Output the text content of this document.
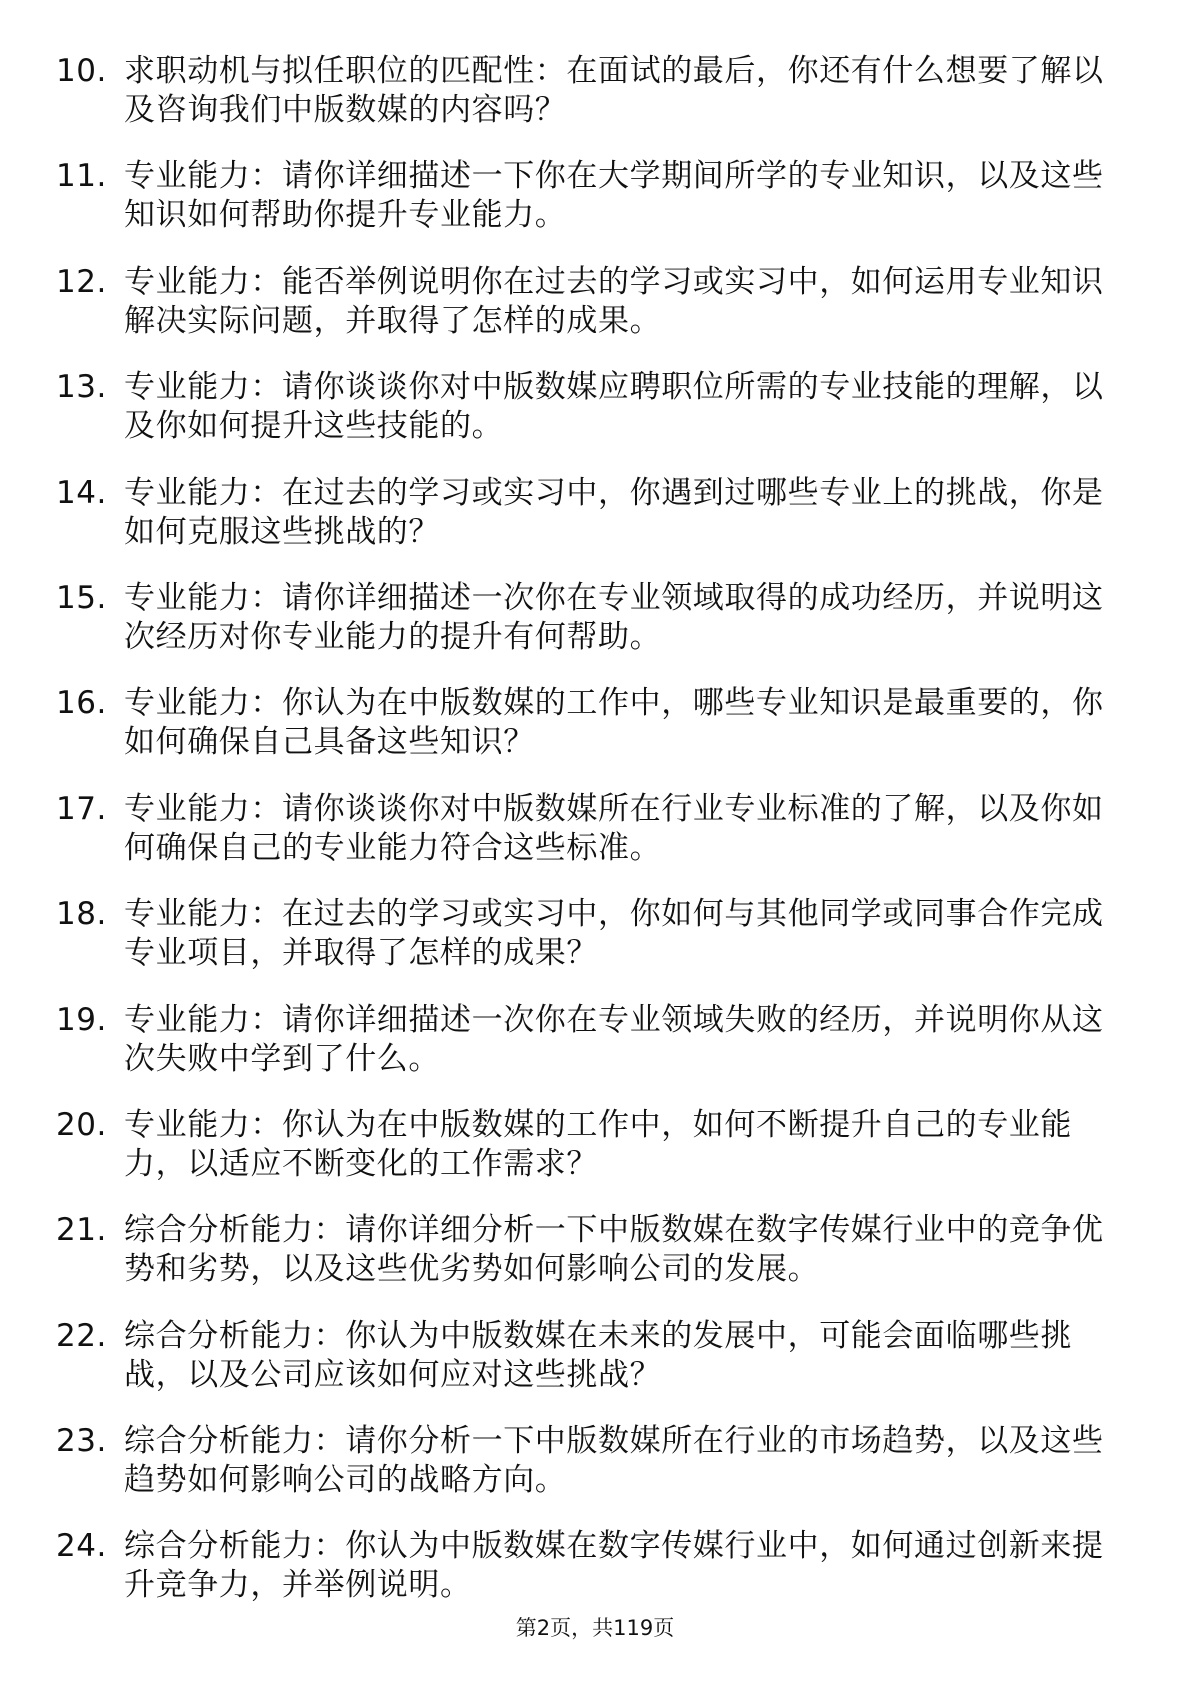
10. 求职动机与拟任职位的匹配性：在面试的最后，你还有什么想要了解以及咨询我们中版数媒的内容吗？
11. 专业能力：请你详细描述一下你在大学期间所学的专业知识，以及这些知识如何帮助你提升专业能力。
12. 专业能力：能否举例说明你在过去的学习或实习中，如何运用专业知识解决实际问题，并取得了怎样的成果。
13. 专业能力：请你谈谈你对中版数媒应聘职位所需的专业技能的理解，以及你如何提升这些技能的。
14. 专业能力：在过去的学习或实习中，你遇到过哪些专业上的挑战，你是如何克服这些挑战的？
15. 专业能力：请你详细描述一次你在专业领域取得的成功经历，并说明这次经历对你专业能力的提升有何帮助。
16. 专业能力：你认为在中版数媒的工作中，哪些专业知识是最重要的，你如何确保自己具备这些知识？
17. 专业能力：请你谈谈你对中版数媒所在行业专业标准的了解，以及你如何确保自己的专业能力符合这些标准。
18. 专业能力：在过去的学习或实习中，你如何与其他同学或同事合作完成专业项目，并取得了怎样的成果？
19. 专业能力：请你详细描述一次你在专业领域失败的经历，并说明你从这次失败中学到了什么。
20. 专业能力：你认为在中版数媒的工作中，如何不断提升自己的专业能力，以适应不断变化的工作需求？
21. 综合分析能力：请你详细分析一下中版数媒在数字传媒行业中的竞争优势和劣势，以及这些优劣势如何影响公司的发展。
22. 综合分析能力：你认为中版数媒在未来的发展中，可能会面临哪些挑战，以及公司应该如何应对这些挑战？
23. 综合分析能力：请你分析一下中版数媒所在行业的市场趋势，以及这些趋势如何影响公司的战略方向。
24. 综合分析能力：你认为中版数媒在数字传媒行业中，如何通过创新来提升竞争力，并举例说明。
第2页，共119页
